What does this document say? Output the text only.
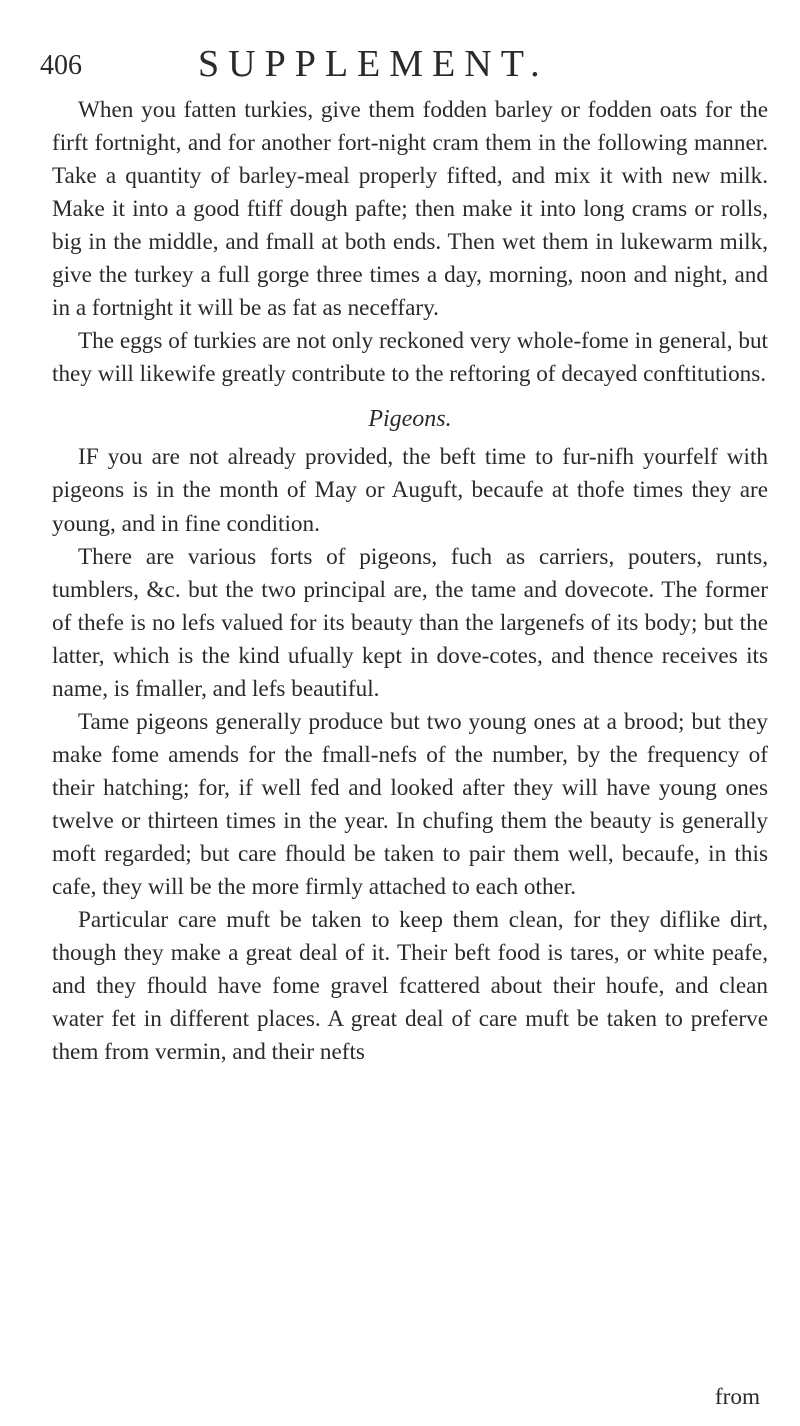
406	SUPPLEMENT.

When you fatten turkies, give them fodden barley or fodden oats for the firft fortnight, and for another fort-night cram them in the following manner. Take a quantity of barley-meal properly fifted, and mix it with new milk. Make it into a good ftiff dough pafte; then make it into long crams or rolls, big in the middle, and fmall at both ends. Then wet them in lukewarm milk, give the turkey a full gorge three times a day, morning, noon and night, and in a fortnight it will be as fat as neceffary.

The eggs of turkies are not only reckoned very whole-fome in general, but they will likewife greatly contribute to the reftoring of decayed conftitutions.

Pigeons.

IF you are not already provided, the beft time to fur-nifh yourfelf with pigeons is in the month of May or Auguft, becaufe at thofe times they are young, and in fine condition.

There are various forts of pigeons, fuch as carriers, pouters, runts, tumblers, &c. but the two principal are, the tame and dovecote. The former of thefe is no lefs valued for its beauty than the largenefs of its body; but the latter, which is the kind ufually kept in dove-cotes, and thence receives its name, is fmaller, and lefs beautiful.

Tame pigeons generally produce but two young ones at a brood; but they make fome amends for the fmall-nefs of the number, by the frequency of their hatching; for, if well fed and looked after they will have young ones twelve or thirteen times in the year. In chufing them the beauty is generally moft regarded; but care fhould be taken to pair them well, becaufe, in this cafe, they will be the more firmly attached to each other.

Particular care muft be taken to keep them clean, for they diflike dirt, though they make a great deal of it. Their beft food is tares, or white peafe, and they fhould have fome gravel fcattered about their houfe, and clean water fet in different places. A great deal of care muft be taken to preferve them from vermin, and their nefts

from
